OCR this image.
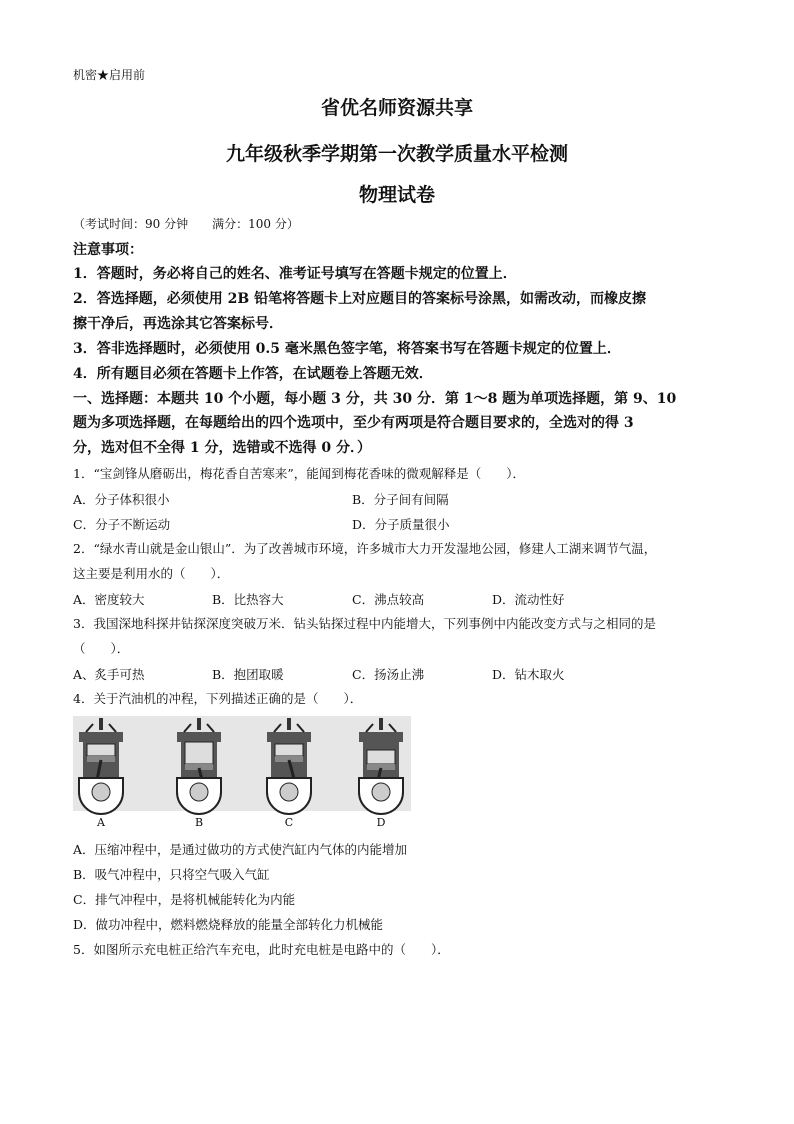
机密★启用前
省优名师资源共享
九年级秋季学期第一次教学质量水平检测
物理试卷
（考试时间：90 分钟 满分：100 分）
注意事项：
1．答题时，务必将自己的姓名、准考证号填写在答题卡规定的位置上．
2．答选择题，必须使用 2B 铅笔将答题卡上对应题目的答案标号涂黑，如需改动，而橡皮擦
擦干净后，再选涂其它答案标号．
3．答非选择题时，必须使用 0.5 毫米黑色签字笔，将答案书写在答题卡规定的位置上．
4．所有题目必须在答题卡上作答，在试题卷上答题无效．
一、选择题：本题共 10 个小题，每小题 3 分，共 30 分．第 1～8 题为单项选择题，第 9、10
题为多项选择题，在每题给出的四个选项中，至少有两项是符合题目要求的，全选对的得 3
分，选对但不全得 1 分，选错或不选得 0 分．）
1．“宝剑锋从磨砺出，梅花香自苦寒来”，能闻到梅花香味的微观解释是（　　）．
A．分子体积很小	B．分子间有间隔
C．分子不断运动	D．分子质量很小
2．“绿水青山就是金山银山”．为了改善城市环境，许多城市大力开发湿地公园，修建人工湖来调节气温，
这主要是利用水的（　　）．
A．密度较大	B．比热容大	C．沸点较高	D．流动性好
3．我国深地科探井钻探深度突破万米．钻头钻探过程中内能增大，下列事例中内能改变方式与之相同的是
（　　）．
A、炙手可热	B．抱团取暖	C．扬汤止沸	D．钻木取火
4．关于汽油机的冲程，下列描述正确的是（　　）．
A	B	C	D
A．压缩冲程中，是通过做功的方式使汽缸内气体的内能增加
B．吸气冲程中，只将空气吸入气缸
C．排气冲程中，是将机械能转化为内能
D．做功冲程中，燃料燃烧释放的能量全部转化力机械能
5．如图所示充电桩正给汽车充电，此时充电桩是电路中的（　　）．
